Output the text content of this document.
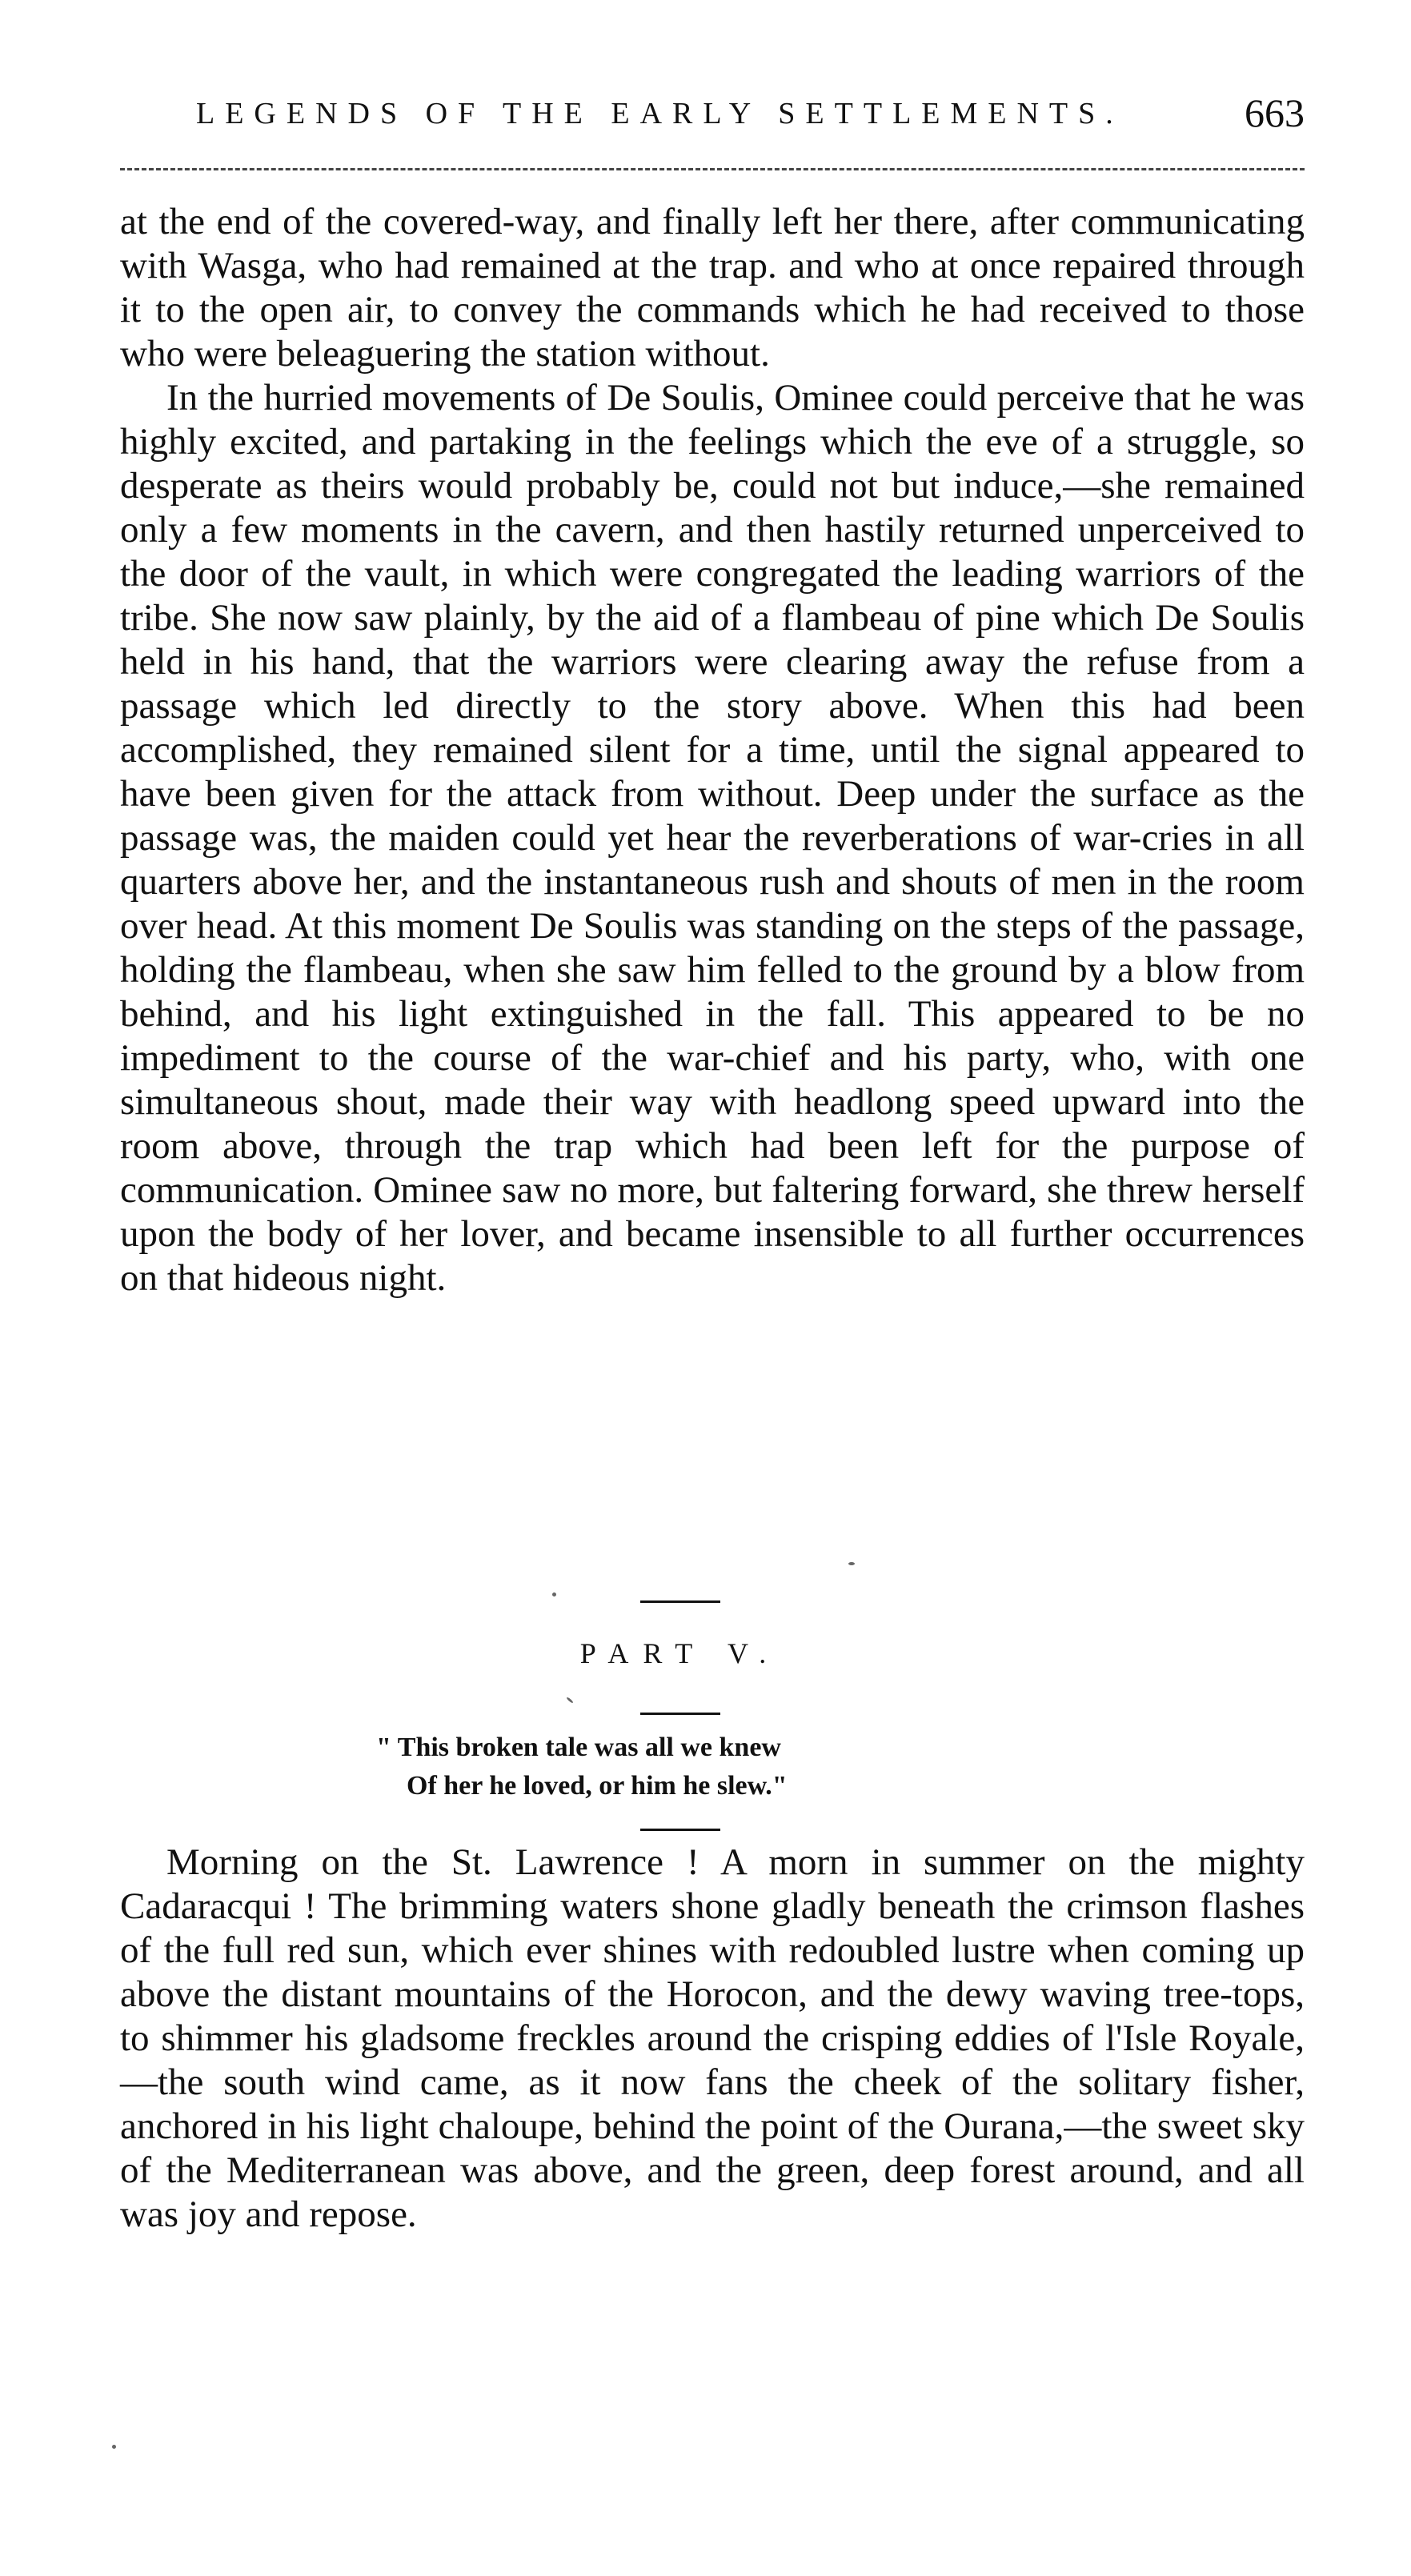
LEGENDS OF THE EARLY SETTLEMENTS.	663

at the end of the covered-way, and finally left her there, after communicating with Wasga, who had remained at the trap. and who at once repaired through it to the open air, to convey the commands which he had received to those who were beleaguering the station without.

In the hurried movements of De Soulis, Ominee could perceive that he was highly excited, and partaking in the feelings which the eve of a struggle, so desperate as theirs would probably be, could not but induce,—she remained only a few moments in the cavern, and then hastily returned unperceived to the door of the vault, in which were congregated the leading warriors of the tribe. She now saw plainly, by the aid of a flambeau of pine which De Soulis held in his hand, that the warriors were clearing away the refuse from a passage which led directly to the story above. When this had been accomplished, they remained silent for a time, until the signal appeared to have been given for the attack from without. Deep under the surface as the passage was, the maiden could yet hear the reverberations of war-cries in all quarters above her, and the instantaneous rush and shouts of men in the room over head. At this moment De Soulis was standing on the steps of the passage, holding the flambeau, when she saw him felled to the ground by a blow from behind, and his light extinguished in the fall. This appeared to be no impediment to the course of the war-chief and his party, who, with one simultaneous shout, made their way with headlong speed upward into the room above, through the trap which had been left for the purpose of communication. Ominee saw no more, but faltering forward, she threw herself upon the body of her lover, and became insensible to all further occurrences on that hideous night.

PART V.
" This broken tale was all we knew
Of her he loved, or him he slew."

Morning on the St. Lawrence ! A morn in summer on the mighty Cadaracqui ! The brimming waters shone gladly beneath the crimson flashes of the full red sun, which ever shines with redoubled lustre when coming up above the distant mountains of the Horocon, and the dewy waving tree-tops, to shimmer his gladsome freckles around the crisping eddies of l'Isle Royale,—the south wind came, as it now fans the cheek of the solitary fisher, anchored in his light chaloupe, behind the point of the Ourana,—the sweet sky of the Mediterranean was above, and the green, deep forest around, and all was joy and repose.
